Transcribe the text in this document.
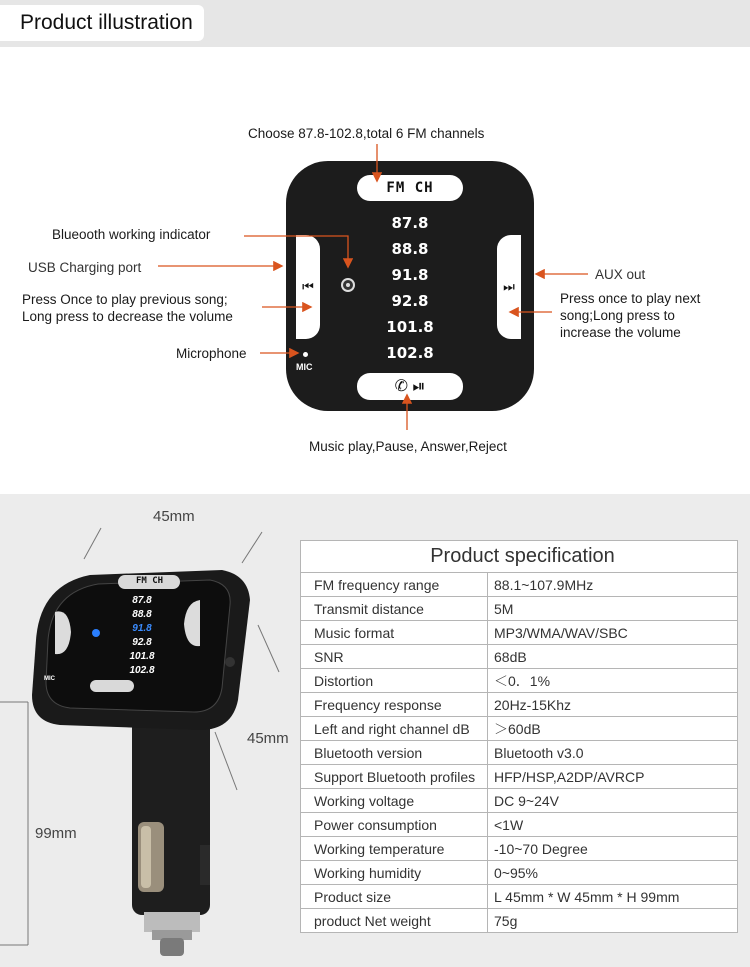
Product illustration
FM CH
⏮	⏭
87.8
88.8
91.8
92.8
101.8
102.8
MIC
✆ ⏯
Choose 87.8-102.8,total 6 FM channels
Blueooth working indicator
USB Charging port
Press Once to play previous song;
Long press to decrease the volume
Microphone
AUX out
Press once to play next
song;Long press to
increase the volume
Music play,Pause, Answer,Reject
FM CH
87.8
88.8
91.8
92.8
101.8
102.8
MIC
45mm
45mm
99mm
Product specification	
FM frequency range	88.1~107.9MHz
Transmit distance	5M
Music format	MP3/WMA/WAV/SBC
SNR	68dB
Distortion	＜0．1%
Frequency response	20Hz-15Khz
Left and right channel dB	＞60dB
Bluetooth version	Bluetooth v3.0
Support Bluetooth profiles	HFP/HSP,A2DP/AVRCP
Working voltage	DC 9~24V
Power consumption	<1W
Working temperature	-10~70 Degree
Working humidity	0~95%
Product size	L 45mm * W 45mm * H 99mm
product Net weight	75g
